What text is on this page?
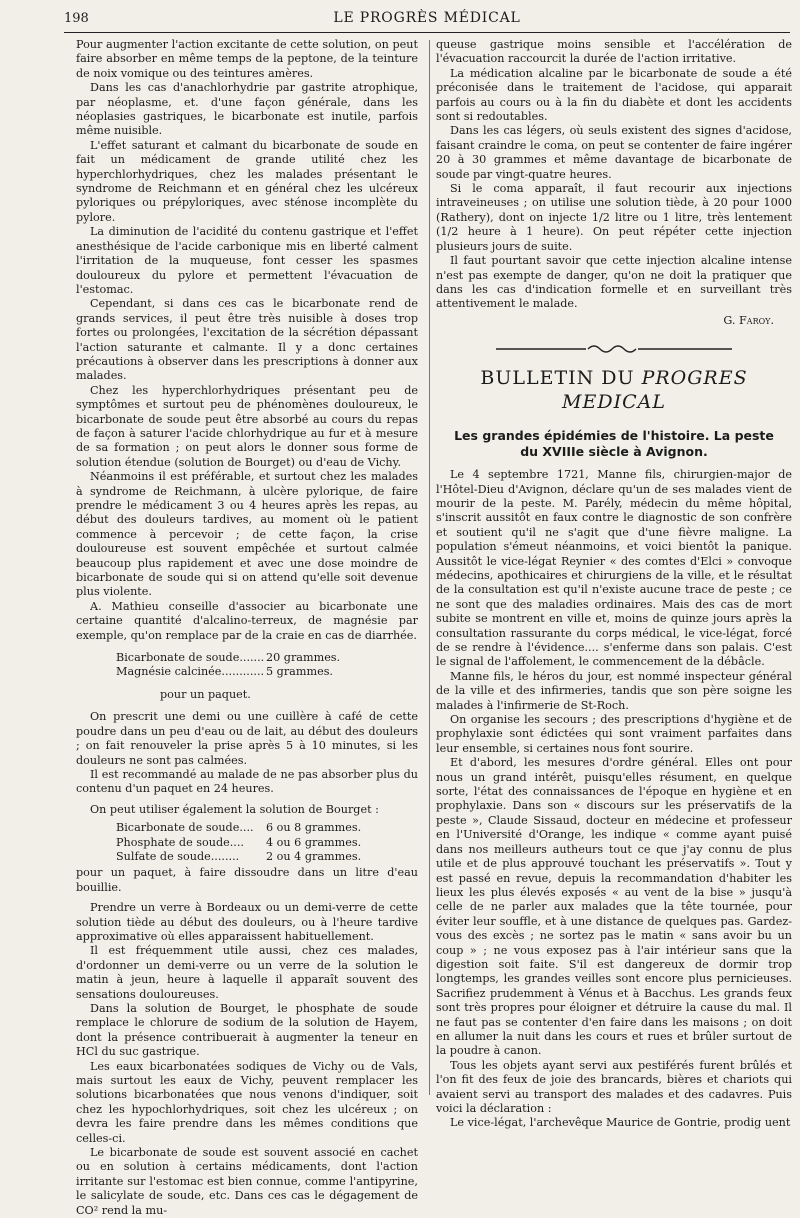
198	LE PROGRÈS MÉDICAL

Pour augmenter l'action excitante de cette solution, on peut faire absorber en même temps de la peptone, de la teinture de noix vomique ou des teintures amères.

Dans les cas d'anachlorhydrie par gastrite atrophique, par néoplasme, et. d'une façon générale, dans les néoplasies gastriques, le bicarbonate est inutile, parfois même nuisible.

L'effet saturant et calmant du bicarbonate de soude en fait un médicament de grande utilité chez les hyperchlorhydriques, chez les malades présentant le syndrome de Reichmann et en général chez les ulcéreux pyloriques ou prépyloriques, avec sténose incomplète du pylore.

La diminution de l'acidité du contenu gastrique et l'effet anesthésique de l'acide carbonique mis en liberté calment l'irritation de la muqueuse, font cesser les spasmes douloureux du pylore et permettent l'évacuation de l'estomac.

Cependant, si dans ces cas le bicarbonate rend de grands services, il peut être très nuisible à doses trop fortes ou prolongées, l'excitation de la sécrétion dépassant l'action saturante et calmante. Il y a donc certaines précautions à observer dans les prescriptions à donner aux malades.

Chez les hyperchlorhydriques présentant peu de symptômes et surtout peu de phénomènes douloureux, le bicarbonate de soude peut être absorbé au cours du repas de façon à saturer l'acide chlorhydrique au fur et à mesure de sa formation ; on peut alors le donner sous forme de solution étendue (solution de Bourget) ou d'eau de Vichy.

Néanmoins il est préférable, et surtout chez les malades à syndrome de Reichmann, à ulcère pylorique, de faire prendre le médicament 3 ou 4 heures après les repas, au début des douleurs tardives, au moment où le patient commence à percevoir ; de cette façon, la crise douloureuse est souvent empêchée et surtout calmée beaucoup plus rapidement et avec une dose moindre de bicarbonate de soude qui si on attend qu'elle soit devenue plus violente.

A. Mathieu conseille d'associer au bicarbonate une certaine quantité d'alcalino-terreux, de magnésie par exemple, qu'on remplace par de la craie en cas de diarrhée.

Bicarbonate de soude.......	20 grammes.
Magnésie calcinée............	5 grammes.
pour un paquet.

On prescrit une demi ou une cuillère à café de cette poudre dans un peu d'eau ou de lait, au début des douleurs ; on fait renouveler la prise après 5 à 10 minutes, si les douleurs ne sont pas calmées.

Il est recommandé au malade de ne pas absorber plus du contenu d'un paquet en 24 heures.

On peut utiliser également la solution de Bourget :

Bicarbonate de soude....	6 ou 8 grammes.
Phosphate de soude....	4 ou 6 grammes.
Sulfate de soude........	2 ou 4 grammes.

pour un paquet, à faire dissoudre dans un litre d'eau bouillie.

Prendre un verre à Bordeaux ou un demi-verre de cette solution tiède au début des douleurs, ou à l'heure tardive approximative où elles apparaissent habituellement.

Il est fréquemment utile aussi, chez ces malades, d'ordonner un demi-verre ou un verre de la solution le matin à jeun, heure à laquelle il apparaît souvent des sensations douloureuses.

Dans la solution de Bourget, le phosphate de soude remplace le chlorure de sodium de la solution de Hayem, dont la présence contribuerait à augmenter la teneur en HCl du suc gastrique.

Les eaux bicarbonatées sodiques de Vichy ou de Vals, mais surtout les eaux de Vichy, peuvent remplacer les solutions bicarbonatées que nous venons d'indiquer, soit chez les hypochlorhydriques, soit chez les ulcéreux ; on devra les faire prendre dans les mêmes conditions que celles-ci.

Le bicarbonate de soude est souvent associé en cachet ou en solution à certains médicaments, dont l'action irritante sur l'estomac est bien connue, comme l'antipyrine, le salicylate de soude, etc. Dans ces cas le dégagement de CO² rend la mu-

queuse gastrique moins sensible et l'accélération de l'évacuation raccourcit la durée de l'action irritative.

La médication alcaline par le bicarbonate de soude a été préconisée dans le traitement de l'acidose, qui apparait parfois au cours ou à la fin du diabète et dont les accidents sont si redoutables.

Dans les cas légers, où seuls existent des signes d'acidose, faisant craindre le coma, on peut se contenter de faire ingérer 20 à 30 grammes et même davantage de bicarbonate de soude par vingt-quatre heures.

Si le coma apparaît, il faut recourir aux injections intraveineuses ; on utilise une solution tiède, à 20 pour 1000 (Rathery), dont on injecte 1/2 litre ou 1 litre, très lentement (1/2 heure à 1 heure). On peut répéter cette injection plusieurs jours de suite.

Il faut pourtant savoir que cette injection alcaline intense n'est pas exempte de danger, qu'on ne doit la pratiquer que dans les cas d'indication formelle et en surveillant très attentivement le malade.

G. Faroy.
BULLETIN DU PROGRES MEDICAL
Les grandes épidémies de l'histoire. La peste
du XVIIIe siècle à Avignon.

Le 4 septembre 1721, Manne fils, chirurgien-major de l'Hôtel-Dieu d'Avignon, déclare qu'un de ses malades vient de mourir de la peste. M. Parély, médecin du même hôpital, s'inscrit aussitôt en faux contre le diagnostic de son confrère et soutient qu'il ne s'agit que d'une fièvre maligne. La population s'émeut néanmoins, et voici bientôt la panique. Aussitôt le vice-légat Reynier « des comtes d'Elci » convoque médecins, apothicaires et chirurgiens de la ville, et le résultat de la consultation est qu'il n'existe aucune trace de peste ; ce ne sont que des maladies ordinaires. Mais des cas de mort subite se montrent en ville et, moins de quinze jours après la consultation rassurante du corps médical, le vice-légat, forcé de se rendre à l'évidence.... s'enferme dans son palais. C'est le signal de l'affolement, le commencement de la débâcle.

Manne fils, le héros du jour, est nommé inspecteur général de la ville et des infirmeries, tandis que son père soigne les malades à l'infirmerie de St-Roch.

On organise les secours ; des prescriptions d'hygiène et de prophylaxie sont édictées qui sont vraiment parfaites dans leur ensemble, si certaines nous font sourire.

Et d'abord, les mesures d'ordre général. Elles ont pour nous un grand intérêt, puisqu'elles résument, en quelque sorte, l'état des connaissances de l'époque en hygiène et en prophylaxie. Dans son « discours sur les préservatifs de la peste », Claude Sissaud, docteur en médecine et professeur en l'Université d'Orange, les indique « comme ayant puisé dans nos meilleurs autheurs tout ce que j'ay connu de plus utile et de plus approuvé touchant les préservatifs ». Tout y est passé en revue, depuis la recommandation d'habiter les lieux les plus élevés exposés « au vent de la bise » jusqu'à celle de ne parler aux malades que la tête tournée, pour éviter leur souffle, et à une distance de quelques pas. Gardez-vous des excès ; ne sortez pas le matin « sans avoir bu un coup » ; ne vous exposez pas à l'air intérieur sans que la digestion soit faite. S'il est dangereux de dormir trop longtemps, les grandes veilles sont encore plus pernicieuses. Sacrifiez prudemment à Vénus et à Bacchus. Les grands feux sont très propres pour éloigner et détruire la cause du mal. Il ne faut pas se contenter d'en faire dans les maisons ; on doit en allumer la nuit dans les cours et rues et brûler surtout de la poudre à canon.

Tous les objets ayant servi aux pestiférés furent brûlés et l'on fit des feux de joie des brancards, bières et chariots qui avaient servi au transport des malades et des cadavres. Puis voici la déclaration :

Le vice-légat, l'archevêque Maurice de Gontrie, prodig uent
